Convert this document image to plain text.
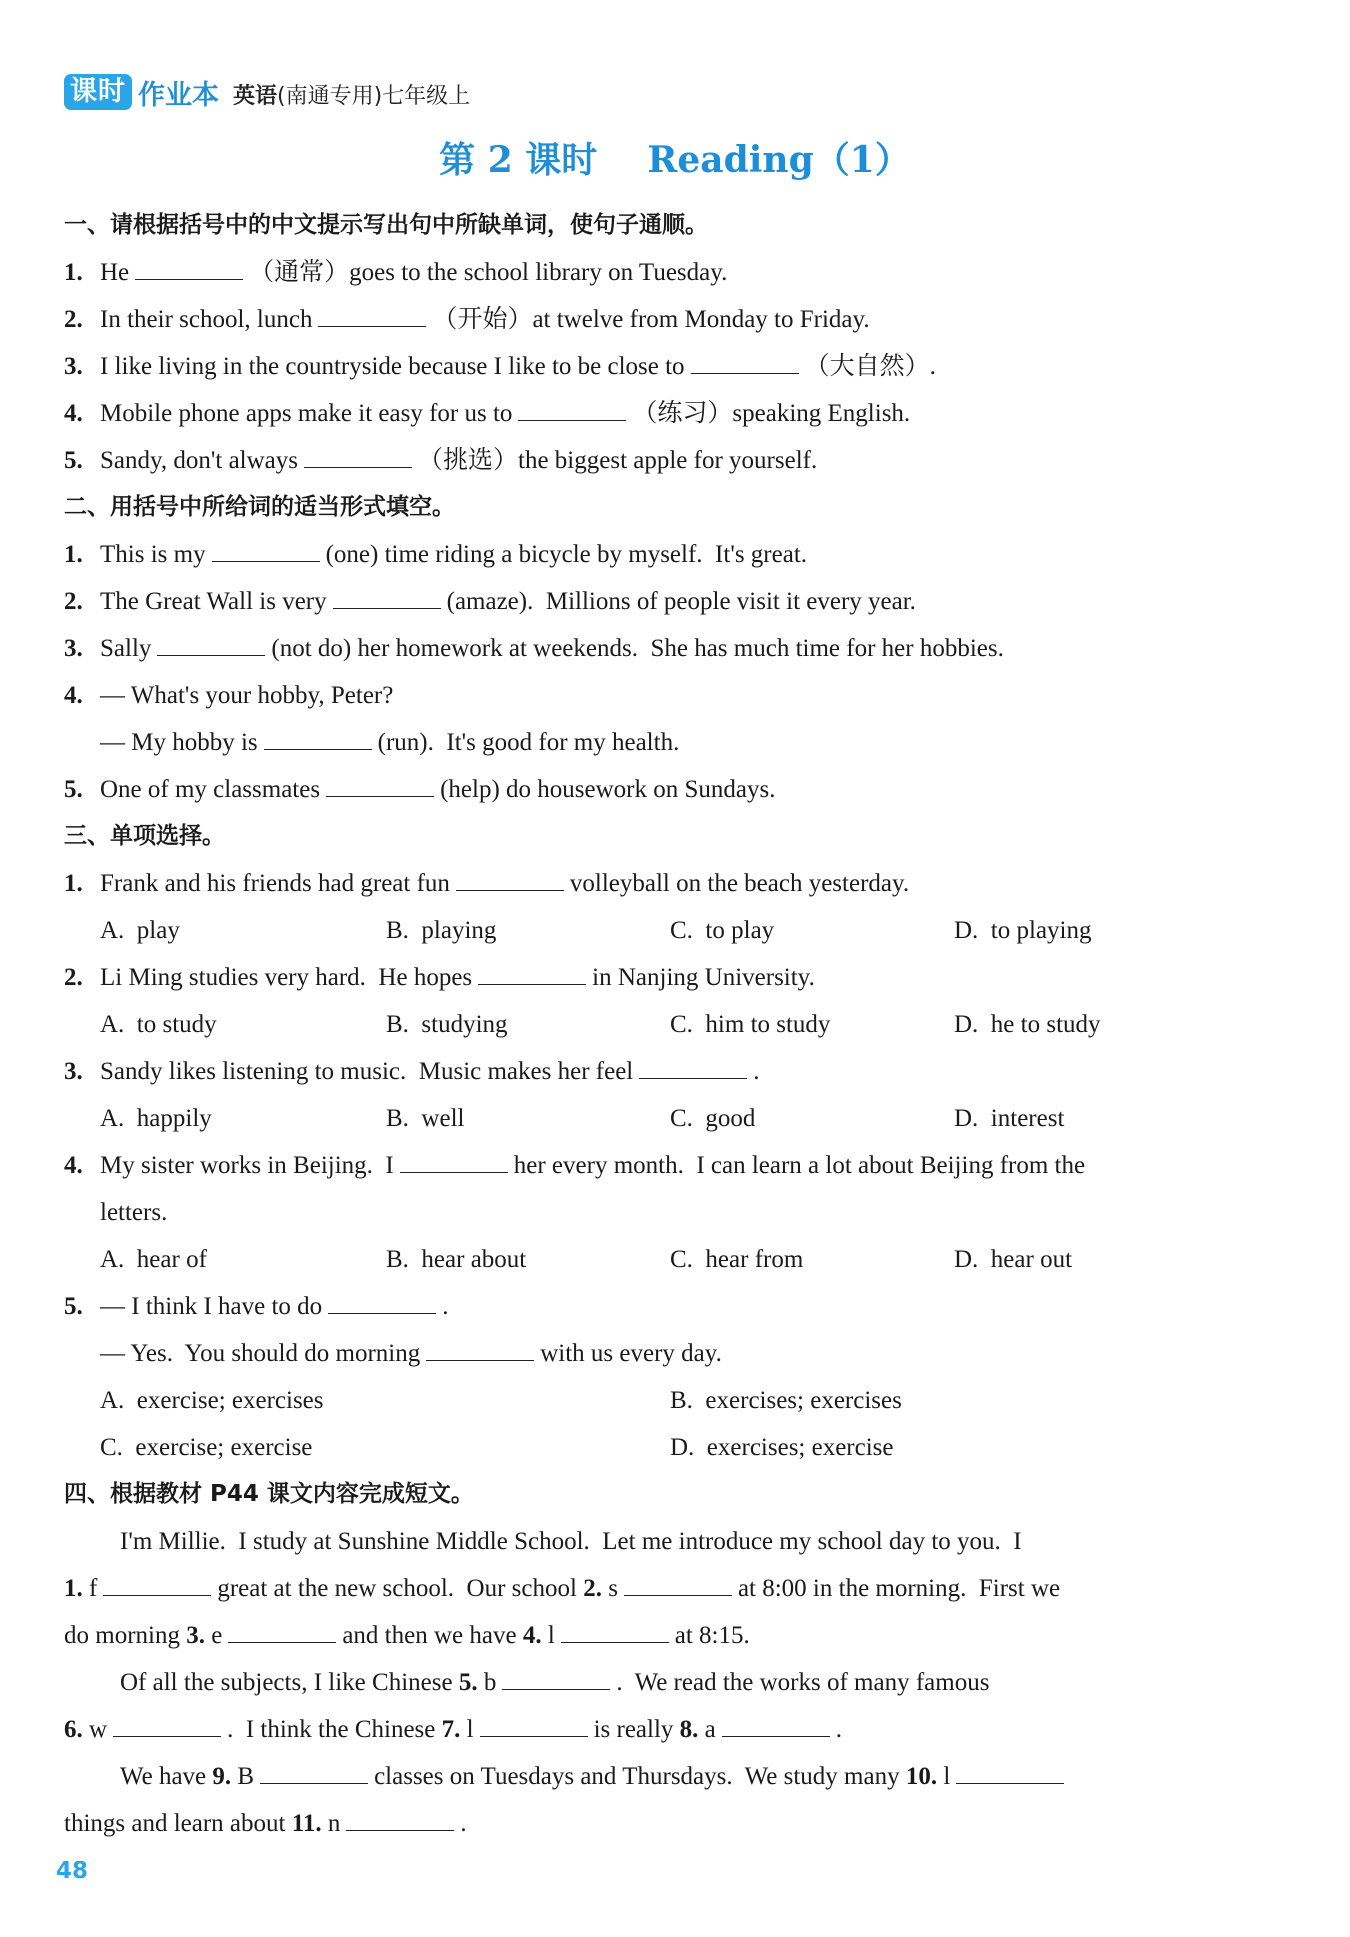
课时 作业本 英语(南通专用)七年级上
第 2 课时    Reading（1）
一、请根据括号中的中文提示写出句中所缺单词，使句子通顺。
1. He	（通常）goes to the school library on Tuesday.
2. In their school, lunch	（开始）at twelve from Monday to Friday.
3. I like living in the countryside because I like to be close to	（大自然）.
4. Mobile phone apps make it easy for us to	（练习）speaking English.
5. Sandy, don't always	（挑选）the biggest apple for yourself.
二、用括号中所给词的适当形式填空。
1. This is my	(one) time riding a bicycle by myself.  It's great.
2. The Great Wall is very	(amaze).  Millions of people visit it every year.
3. Sally	(not do) her homework at weekends.  She has much time for her hobbies.
4. — What's your hobby, Peter?
— My hobby is	(run).  It's good for my health.
5. One of my classmates	(help) do housework on Sundays.
三、单项选择。
1. Frank and his friends had great fun	volleyball on the beach yesterday.
A.  play	B.  playing	C.  to play	D.  to playing
2. Li Ming studies very hard.  He hopes	in Nanjing University.
A.  to study	B.  studying	C.  him to study	D.  he to study
3. Sandy likes listening to music.  Music makes her feel	.
A.  happily	B.  well	C.  good	D.  interest
4. My sister works in Beijing.  I	her every month.  I can learn a lot about Beijing from the
letters.
A.  hear of	B.  hear about	C.  hear from	D.  hear out
5. — I think I have to do	.
— Yes.  You should do morning	with us every day.
A.  exercise; exercises	B.  exercises; exercises
C.  exercise; exercise	D.  exercises; exercise
四、根据教材 P44 课文内容完成短文。
I'm Millie.  I study at Sunshine Middle School.  Let me introduce my school day to you.  I
1. f	great at the new school.  Our school 2. s	at 8:00 in the morning.  First we
do morning 3. e	and then we have 4. l	at 8:15.
Of all the subjects, I like Chinese 5. b	.  We read the works of many famous
6. w	.  I think the Chinese 7. l	is really 8. a	.
We have 9. B	classes on Tuesdays and Thursdays.  We study many 10. l
things and learn about 11. n	.
48
